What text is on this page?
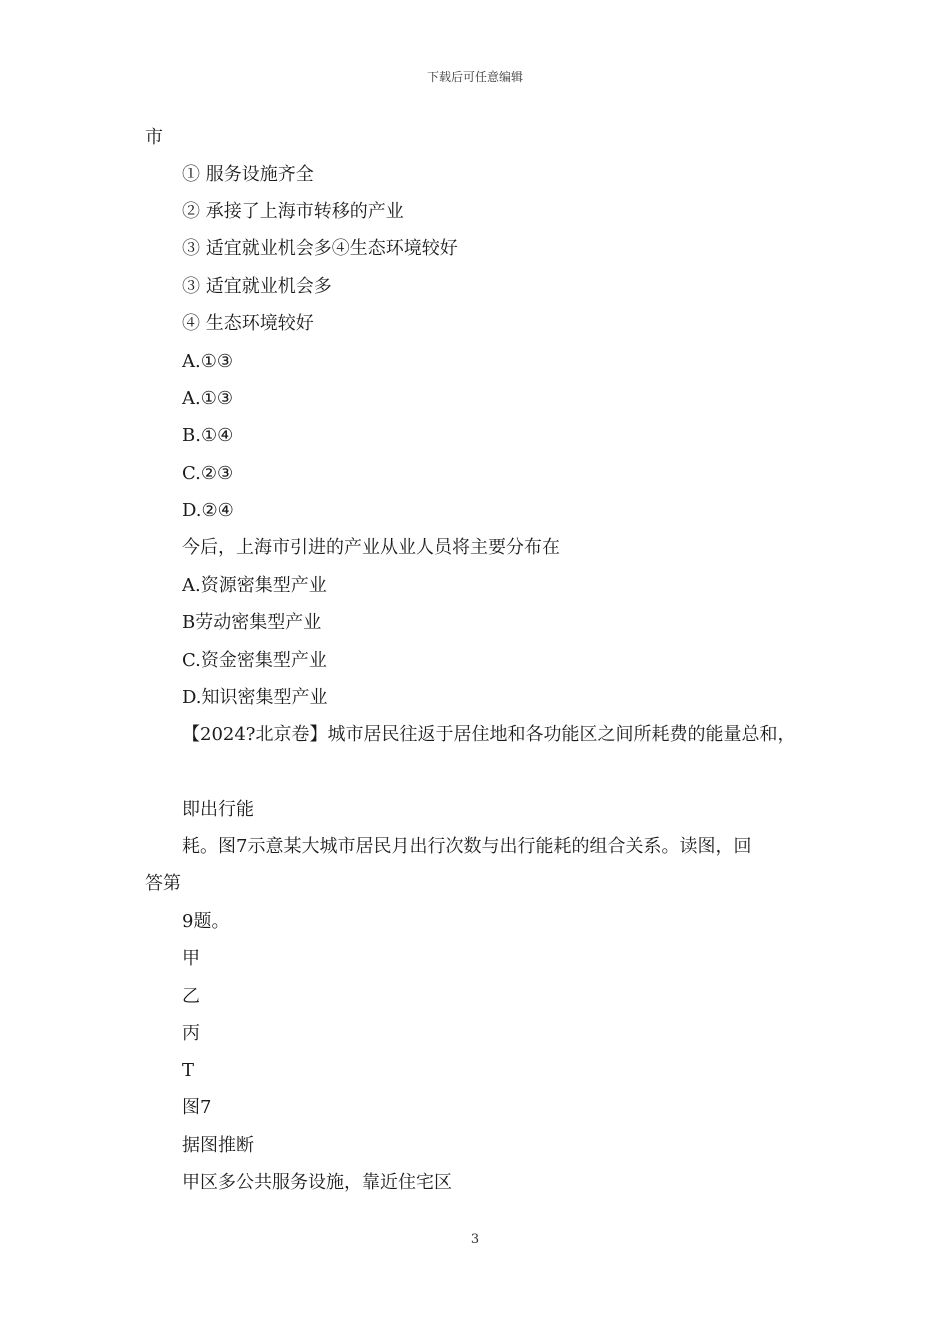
下载后可任意编辑
市
① 服务设施齐全
② 承接了上海市转移的产业
③ 适宜就业机会多④生态环境较好
③ 适宜就业机会多
④ 生态环境较好
A.①③
A.①③
B.①④
C.②③
D.②④
今后，上海市引进的产业从业人员将主要分布在
A.资源密集型产业
B劳动密集型产业
C.资金密集型产业
D.知识密集型产业
【2024?北京卷】城市居民往返于居住地和各功能区之间所耗费的能量总和，
即出行能
耗。图7示意某大城市居民月出行次数与出行能耗的组合关系。读图，回
答第
9题。
甲
乙
丙
T
图7
据图推断
甲区多公共服务设施，靠近住宅区
3
